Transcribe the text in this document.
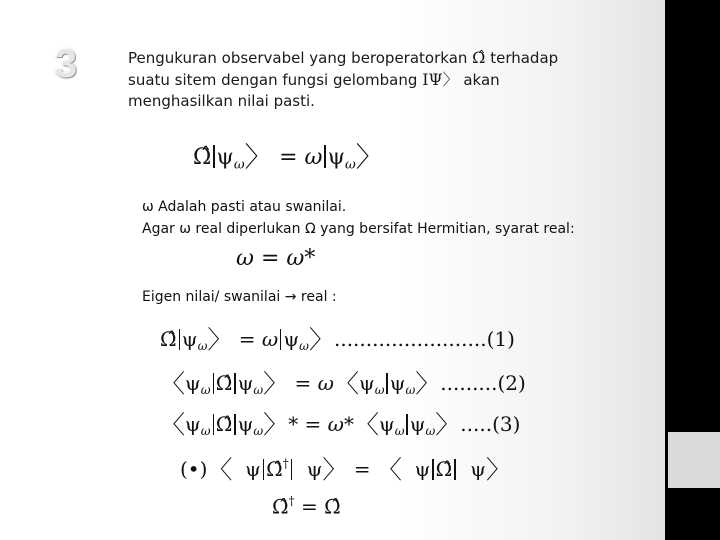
3	Pengukuran observabel yang beroperatorkan Ω̂ terhadap
suatu sitem dengan fungsi gelombang IΨ〉 akan
menghasilkan nilai pasti.
Ω̂ $\psi_\omega$〉 = ω $\psi_\omega$〉
ω Adalah pasti atau swanilai.
Agar ω real diperlukan Ω yang bersifat Hermitian, syarat real:
ω = ω*
Eigen nilai/ swanilai → real :
Ω̂ $\psi_\omega$〉 = ω $\psi_\omega$〉........................(1)
〈$\psi_\omega$ Ω̂ $\psi_\omega$〉 = ω〈$\psi_\omega$ $\psi_\omega$〉.........(2)
〈$\psi_\omega$ Ω̂ $\psi_\omega$〉* = ω*〈$\psi_\omega$ $\psi_\omega$〉.....(3)
(•)〈  ψ Ω̂†  ψ〉 = 〈  ψ Ω̂  ψ〉
Ω̂† = Ω̂
